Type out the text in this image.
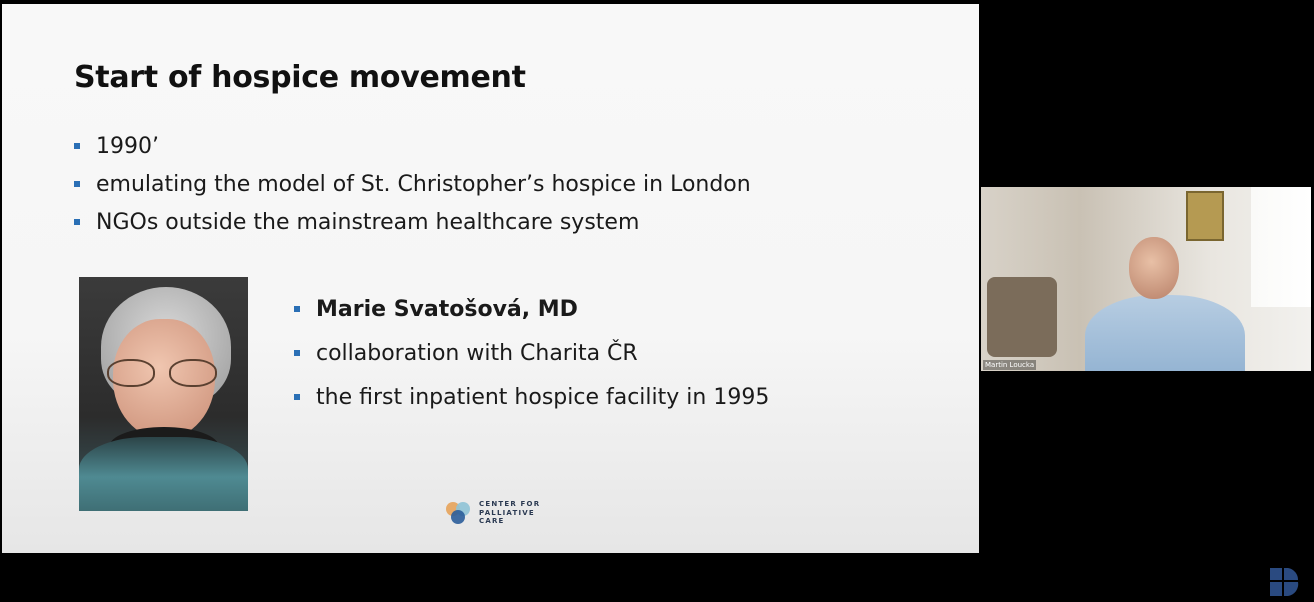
Start of hospice movement
1990’
emulating the model of St. Christopher’s hospice in London
NGOs outside the mainstream healthcare system
Marie Svatošová, MD
collaboration with Charita ČR
the first inpatient hospice facility in 1995
CENTER FOR
PALLIATIVE
CARE
Martin Loucka
